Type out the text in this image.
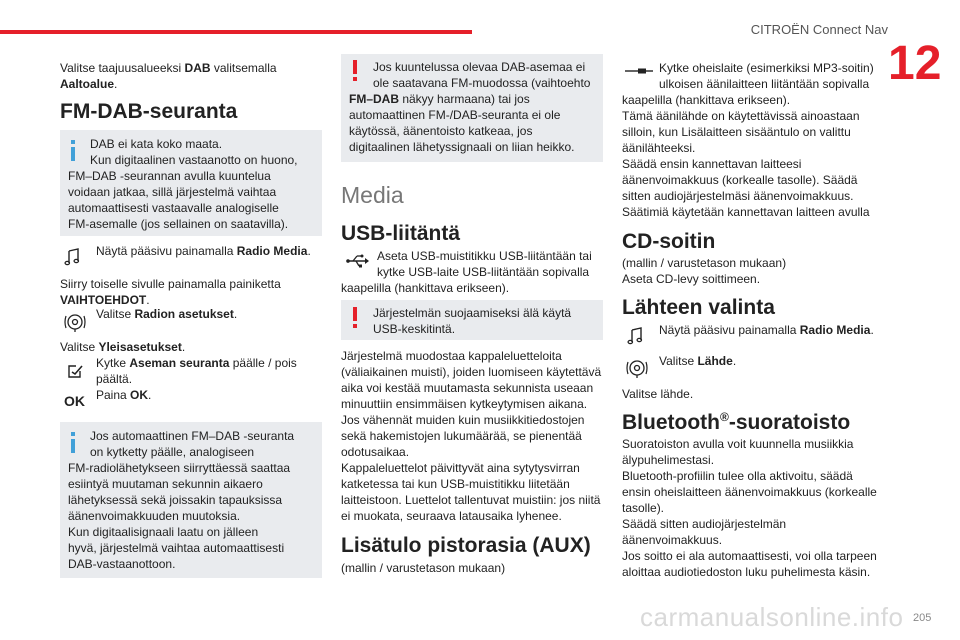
CITROËN Connect Nav
12

Valitse taajuusalueeksi DAB valitsemalla

Aaltoalue.

FM-DAB-seuranta

DAB ei kata koko maata.

Kun digitaalinen vastaanotto on huono,

FM–DAB -seurannan avulla kuuntelua

voidaan jatkaa, sillä järjestelmä vaihtaa

automaattisesti vastaavalle analogiselle

FM-asemalle (jos sellainen on saatavilla).

Näytä pääsivu painamalla Radio Media.

Siirry toiselle sivulle painamalla painiketta

VAIHTOEHDOT.

Valitse Radion asetukset.

Valitse Yleisasetukset.

Kytke Aseman seuranta päälle / pois

päältä.

OK Paina OK.

Jos automaattinen FM–DAB -seuranta

on kytketty päälle, analogiseen

FM-radiolähetykseen siirryttäessä saattaa

esiintyä muutaman sekunnin aikaero

lähetyksessä sekä joissakin tapauksissa

äänenvoimakkuuden muutoksia.

Kun digitaalisignaali laatu on jälleen

hyvä, järjestelmä vaihtaa automaattisesti

DAB-vastaanottoon.

Jos kuuntelussa olevaa DAB-asemaa ei

ole saatavana FM-muodossa (vaihtoehto

FM–DAB näkyy harmaana) tai jos

automaattinen FM-/DAB-seuranta ei ole

käytössä, äänentoisto katkeaa, jos

digitaalinen lähetyssignaali on liian heikko.

Media
USB-liitäntä

Aseta USB-muistitikku USB-liitäntään tai

kytke USB-laite USB-liitäntään sopivalla

kaapelilla (hankittava erikseen).

Järjestelmän suojaamiseksi älä käytä

USB-keskitintä.

Järjestelmä muodostaa kappaleluetteloita

(väliaikainen muisti), joiden luomiseen käytettävä

aika voi kestää muutamasta sekunnista useaan

minuuttiin ensimmäisen kytkeytymisen aikana.

Jos vähennät muiden kuin musiikkitiedostojen

sekä hakemistojen lukumäärää, se pienentää

odotusaikaa.

Kappaleluettelot päivittyvät aina sytytysvirran

katketessa tai kun USB-muistitikku liitetään

laitteistoon. Luettelot tallentuvat muistiin: jos niitä

ei muokata, seuraava latausaika lyhenee.

Lisätulo pistorasia (AUX)

(mallin / varustetason mukaan)

Kytke oheislaite (esimerkiksi MP3-soitin)

ulkoisen äänilaitteen liitäntään sopivalla

kaapelilla (hankittava erikseen).

Tämä äänilähde on käytettävissä ainoastaan

silloin, kun Lisälaitteen sisääntulo on valittu

äänilähteeksi.

Säädä ensin kannettavan laitteesi

äänenvoimakkuus (korkealle tasolle). Säädä

sitten audiojärjestelmäsi äänenvoimakkuus.

Säätimiä käytetään kannettavan laitteen avulla

CD-soitin

(mallin / varustetason mukaan)

Aseta CD-levy soittimeen.

Lähteen valinta

Näytä pääsivu painamalla Radio Media.

Valitse Lähde.

Valitse lähde.

Bluetooth®-suoratoisto

Suoratoiston avulla voit kuunnella musiikkia

älypuhelimestasi.

Bluetooth-profiilin tulee olla aktivoitu, säädä

ensin oheislaitteen äänenvoimakkuus (korkealle

tasolle).

Säädä sitten audiojärjestelmän

äänenvoimakkuus.

Jos soitto ei ala automaattisesti, voi olla tarpeen

aloittaa audiotiedoston luku puhelimesta käsin.

carmanualsonline.info 205
